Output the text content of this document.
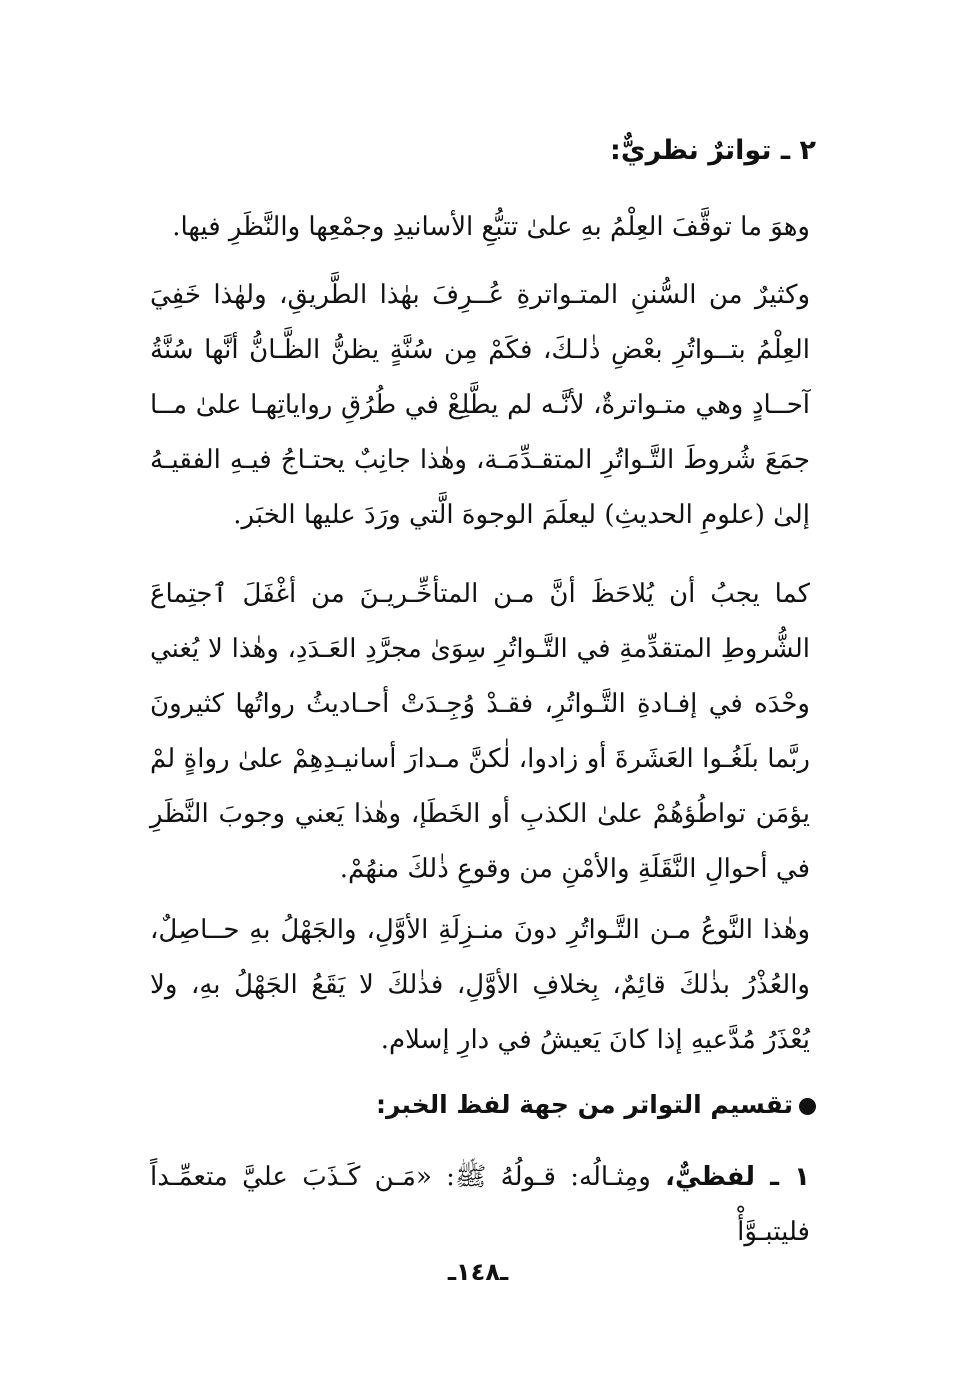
٢ ـ تواترٌ نظريٌّ:

وهوَ ما توقَّفَ العِلْمُ بهِ علىٰ تتبُّعِ الأسانيدِ وجمْعِها والنَّظَرِ فيها.

وكثيرٌ من السُّننِ المتـواترةِ عُــرِفَ بهٰذا الطَّريقِ، ولهٰذا خَفِيَ العِلْمُ بتــواتُرِ بعْضِ ذٰلـكَ، فكَمْ مِن سُنَّةٍ يظنُّ الظَّـانُّ أنَّها سُنَّةُ آحــادٍ وهي متـواترةٌ، لأنَّـه لم يطَّلِعْ في طُرُقِ رواياتِهـا علىٰ مــا جمَعَ شُروطَ التَّـواتُرِ المتقـدِّمَـة، وهٰذا جانِبٌ يحتـاجُ فيـهِ الفقيـهُ إلىٰ (علومِ الحديثِ) ليعلَمَ الوجوهَ الَّتي ورَدَ عليها الخبَر.

كما يجبُ أن يُلاحَظَ أنَّ مـن المتأخِّـريـنَ من أغْفَلَ ٱجتِماعَ الشُّروطِ المتقدِّمةِ في التَّـواتُرِ سِوَىٰ مجرَّدِ العَـدَدِ، وهٰذا لا يُغني وحْدَه في إفـادةِ التَّـواتُرِ، فقـدْ وُجِـدَتْ أحـاديثُ رواتُها كثيرونَ ربَّما بلَغُـوا العَشَرةَ أو زادوا، لٰكنَّ مـدارَ أسانيـدِهِمْ علىٰ رواةٍ لمْ يؤمَن تواطُؤهُمْ علىٰ الكذبِ أو الخَطَإ، وهٰذا يَعني وجوبَ النَّظَرِ في أحوالِ النَّقَلَةِ والأمْنِ من وقوعِ ذٰلكَ منهُمْ.

وهٰذا النَّوعُ مـن التَّـواتُرِ دونَ منـزِلَةِ الأوَّلِ، والجَهْلُ بهِ حــاصِلٌ، والعُذْرُ بذٰلكَ قائِمٌ، بِخلافِ الأوَّلِ، فذٰلكَ لا يَقَعُ الجَهْلُ بهِ، ولا يُعْذَرُ مُدَّعيهِ إذا كانَ يَعيشُ في دارِ إسلام.

تقسيم التواتر من جهة لفظ الخبر:

١ ـ لفظيٌّ، ومِثـالُه: قـولُهُ ﷺ: «مَـن كَـذَبَ عليَّ متعمِّـداً فليتبـوَّأْ

ـ١٤٨ـ
